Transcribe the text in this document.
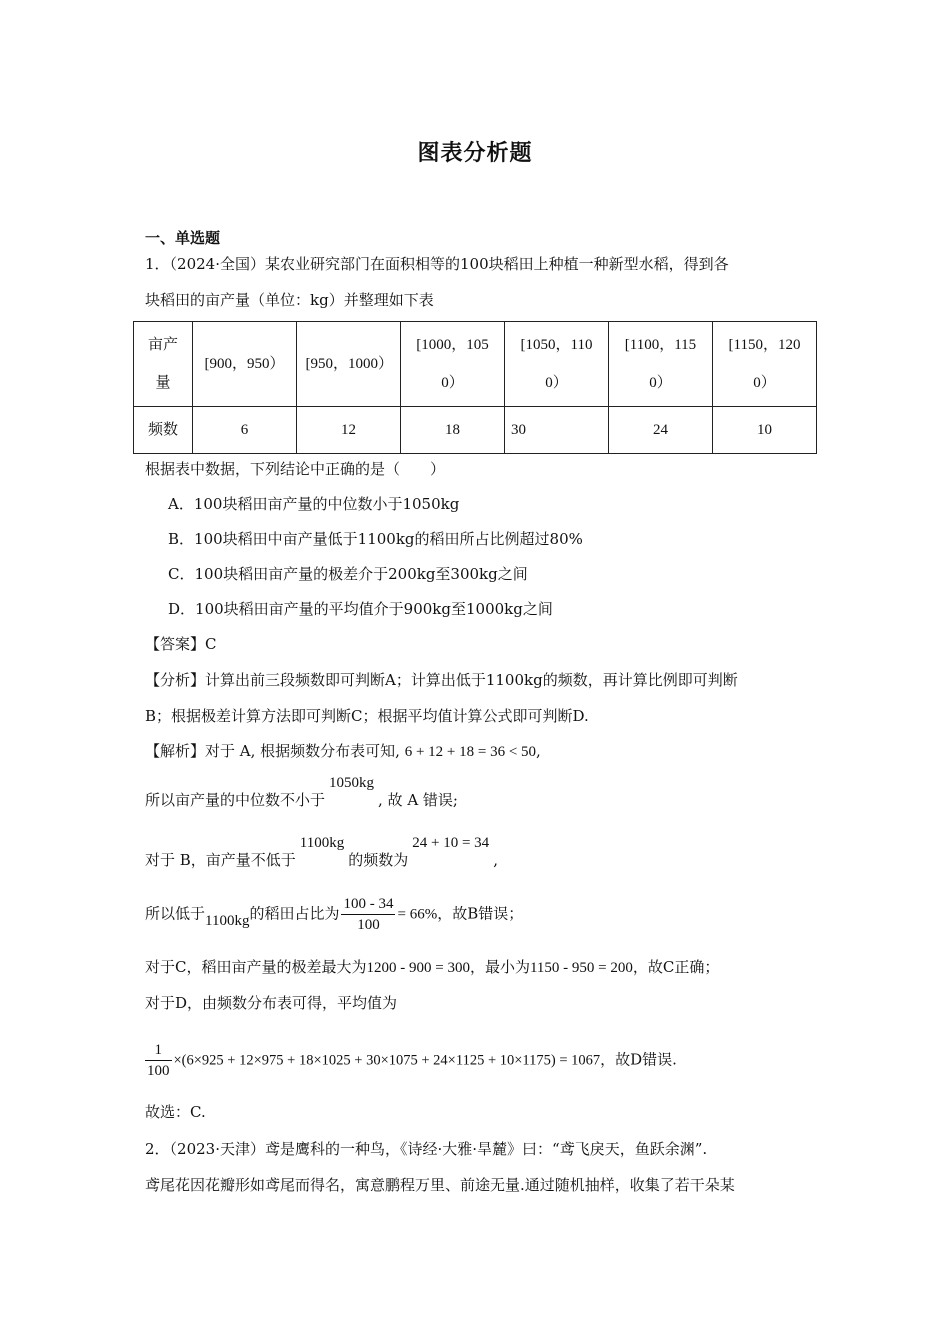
图表分析题
一、单选题
1．（2024·全国）某农业研究部门在面积相等的100块稻田上种植一种新型水稻，得到各
块稻田的亩产量（单位：kg）并整理如下表
亩产量	[900，950）	[950，1000）	[1000，1050）	[1050，1100）	[1100，1150）	[1150，1200）
频数	6	12	18	30	24	10
根据表中数据，下列结论中正确的是（　　）
A．100块稻田亩产量的中位数小于1050kg
B．100块稻田中亩产量低于1100kg的稻田所占比例超过80%
C．100块稻田亩产量的极差介于200kg至300kg之间
D．100块稻田亩产量的平均值介于900kg至1000kg之间
【答案】C
【分析】计算出前三段频数即可判断A；计算出低于1100kg的频数，再计算比例即可判断
B；根据极差计算方法即可判断C；根据平均值计算公式即可判断D.
【解析】对于 A, 根据频数分布表可知, 6 + 12 + 18 = 36 < 50,
所以亩产量的中位数不小于1050kg, 故 A 错误;
对于 B，亩产量不低于1100kg的频数为24 + 10 = 34,
所以低于1100kg的稻田占比为 $\frac{100 - 34}{100} = 66\%$，故B错误；
对于C，稻田亩产量的极差最大为1200 - 900 = 300，最小为1150 - 950 = 200，故C正确；
对于D，由频数分布表可得，平均值为
$\frac{1}{100} \times(6\times 925 + 12\times 975 + 18\times 1025 + 30\times 1075 + 24\times 1125 + 10\times 1175) = 1067$，故D错误.
故选：C.
2．（2023·天津）鸢是鹰科的一种鸟，《诗经·大雅·旱麓》曰：“鸢飞戾天，鱼跃余渊”.
鸢尾花因花瓣形如鸢尾而得名，寓意鹏程万里、前途无量.通过随机抽样，收集了若干朵某
